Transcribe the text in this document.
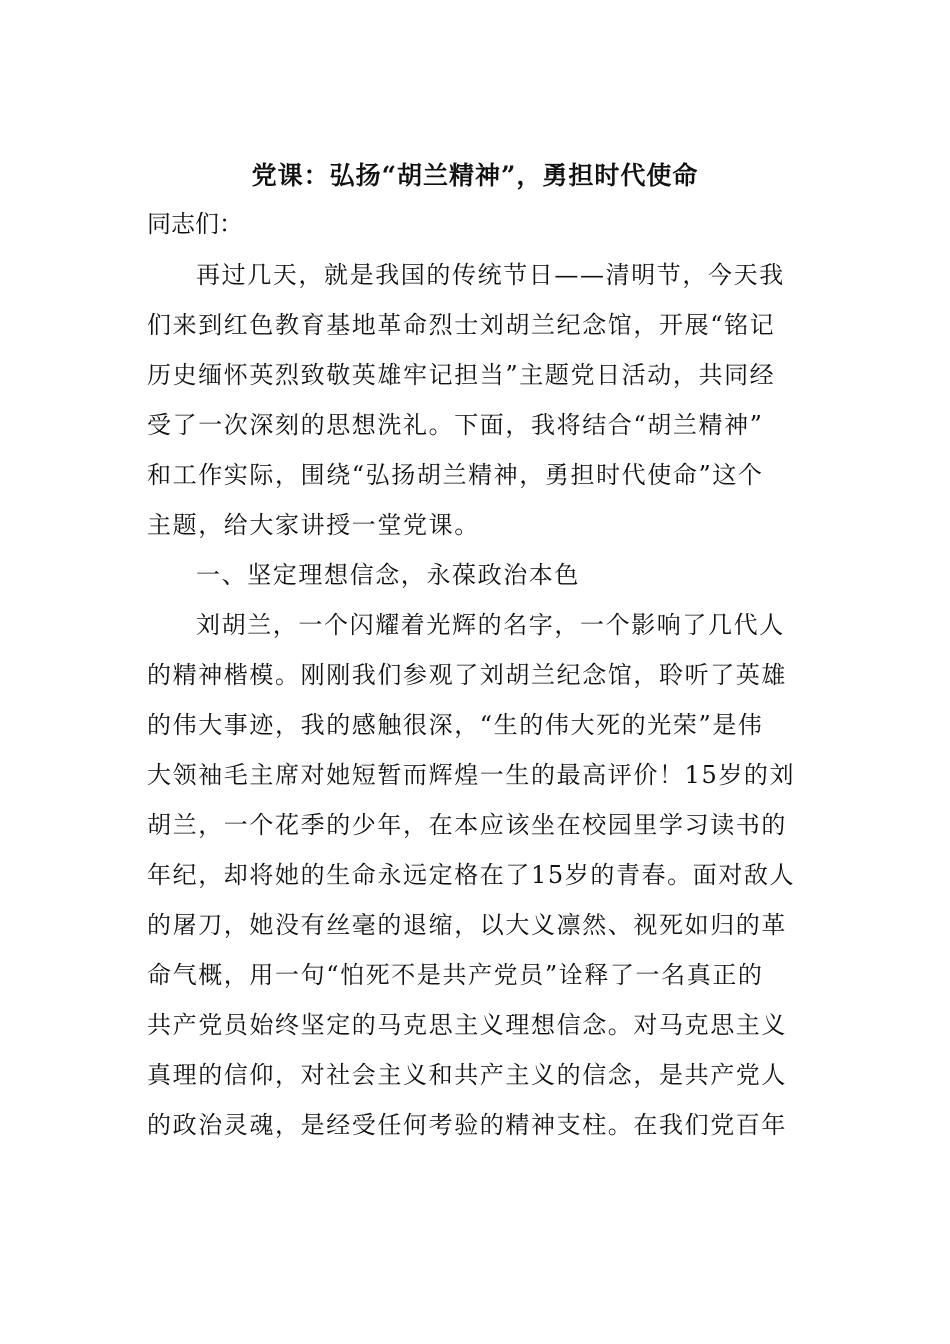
党课：弘扬“胡兰精神”，勇担时代使命

同志们：

再过几天，就是我国的传统节日——清明节，今天我

们来到红色教育基地革命烈士刘胡兰纪念馆，开展“铭记

历史缅怀英烈致敬英雄牢记担当”主题党日活动，共同经

受了一次深刻的思想洗礼。下面，我将结合“胡兰精神”

和工作实际，围绕“弘扬胡兰精神，勇担时代使命”这个

主题，给大家讲授一堂党课。

一、坚定理想信念，永葆政治本色

刘胡兰，一个闪耀着光辉的名字，一个影响了几代人

的精神楷模。刚刚我们参观了刘胡兰纪念馆，聆听了英雄

的伟大事迹，我的感触很深，“生的伟大死的光荣”是伟

大领袖毛主席对她短暂而辉煌一生的最高评价！15岁的刘

胡兰，一个花季的少年，在本应该坐在校园里学习读书的

年纪，却将她的生命永远定格在了15岁的青春。面对敌人

的屠刀，她没有丝毫的退缩，以大义凛然、视死如归的革

命气概，用一句“怕死不是共产党员”诠释了一名真正的

共产党员始终坚定的马克思主义理想信念。对马克思主义

真理的信仰，对社会主义和共产主义的信念，是共产党人

的政治灵魂，是经受任何考验的精神支柱。在我们党百年
